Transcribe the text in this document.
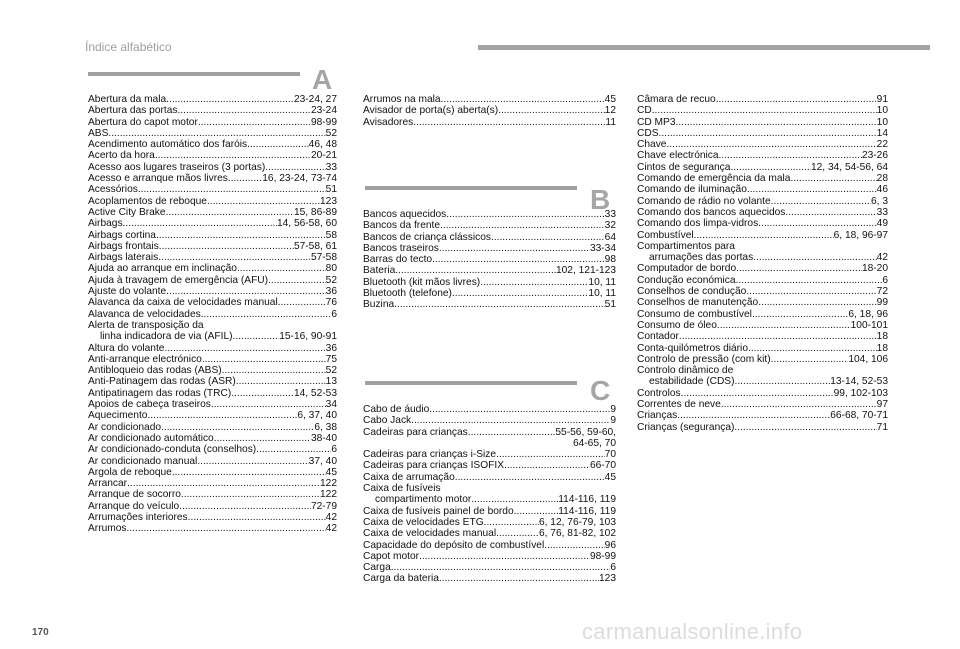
Índice alfabético
A
Abertura da mala .....	23-24, 27
Abertura das portas .....	23-24
Abertura do capot motor .....	98-99
ABS .....	52
Acendimento automático dos faróis .....	46, 48
Acerto da hora .....	20-21
Acesso aos lugares traseiros (3 portas) .....	33
Acesso e arranque mãos livres .....	16, 23-24, 73-74
Acessórios .....	51
Acoplamentos de reboque .....	123
Active City Brake .....	15, 86-89
Airbags .....	14, 56-58, 60
Airbags cortina .....	58
Airbags frontais .....	57-58, 61
Airbags laterais .....	57-58
Ajuda ao arranque em inclinação .....	80
Ajuda à travagem de emergência (AFU) .....	52
Ajuste do volante .....	36
Alavanca da caixa de velocidades manual .....	76
Alavanca de velocidades .....	6
Alerta de transposição da
linha indicadora de via (AFIL) .....	15-16, 90-91
Altura do volante .....	36
Anti-arranque electrónico .....	75
Antibloqueio das rodas (ABS) .....	52
Anti-Patinagem das rodas (ASR) .....	13
Antipatinagem das rodas (TRC) .....	14, 52-53
Apoios de cabeça traseiros .....	34
Aquecimento .....	6, 37, 40
Ar condicionado .....	6, 38
Ar condicionado automático .....	38-40
Ar condicionado-conduta (conselhos) .....	6
Ar condicionado manual .....	37, 40
Argola de reboque .....	45
Arrancar .....	122
Arranque de socorro .....	122
Arranque do veículo .....	72-79
Arrumações interiores .....	42
Arrumos .....	42
Arrumos na mala .....	45
Avisador de porta(s) aberta(s) .....	12
Avisadores .....	11
B
Bancos aquecidos .....	33
Bancos da frente .....	32
Bancos de criança clássicos .....	64
Bancos traseiros .....	33-34
Barras do tecto .....	98
Bateria .....	102, 121-123
Bluetooth (kit mãos livres) .....	10, 11
Bluetooth (telefone) .....	10, 11
Buzina .....	51
C
Cabo de áudio .....	9
Cabo Jack .....	9
Cadeiras para crianças .....	55-56, 59-60,
64-65, 70
Cadeiras para crianças i-Size .....	70
Cadeiras para crianças ISOFIX .....	66-70
Caixa de arrumação .....	45
Caixa de fusíveis
compartimento motor .....	114-116, 119
Caixa de fusíveis painel de bordo .....	114-116, 119
Caixa de velocidades ETG .....	6, 12, 76-79, 103
Caixa de velocidades manual .....	6, 76, 81-82, 102
Capacidade do depósito de combustível .....	96
Capot motor .....	98-99
Carga .....	6
Carga da bateria .....	123
Câmara de recuo .....	91
CD .....	10
CD MP3 .....	10
CDS .....	14
Chave .....	22
Chave electrónica .....	23-26
Cintos de segurança .....	12, 34, 54-56, 64
Comando de emergência da mala .....	28
Comando de iluminação .....	46
Comando de rádio no volante .....	6, 3
Comando dos bancos aquecidos .....	33
Comando dos limpa-vidros .....	49
Combustível .....	6, 18, 96-97
Compartimentos para
arrumações das portas .....	42
Computador de bordo .....	18-20
Condução económica .....	6
Conselhos de condução .....	72
Conselhos de manutenção .....	99
Consumo de combustível .....	6, 18, 96
Consumo de óleo .....	100-101
Contador .....	18
Conta-quilómetros diário .....	18
Controlo de pressão (com kit) .....	104, 106
Controlo dinâmico de
estabilidade (CDS) .....	13-14, 52-53
Controlos .....	99, 102-103
Correntes de neve .....	97
Crianças .....	66-68, 70-71
Crianças (segurança) .....	71
170	carmanualsonline.info
